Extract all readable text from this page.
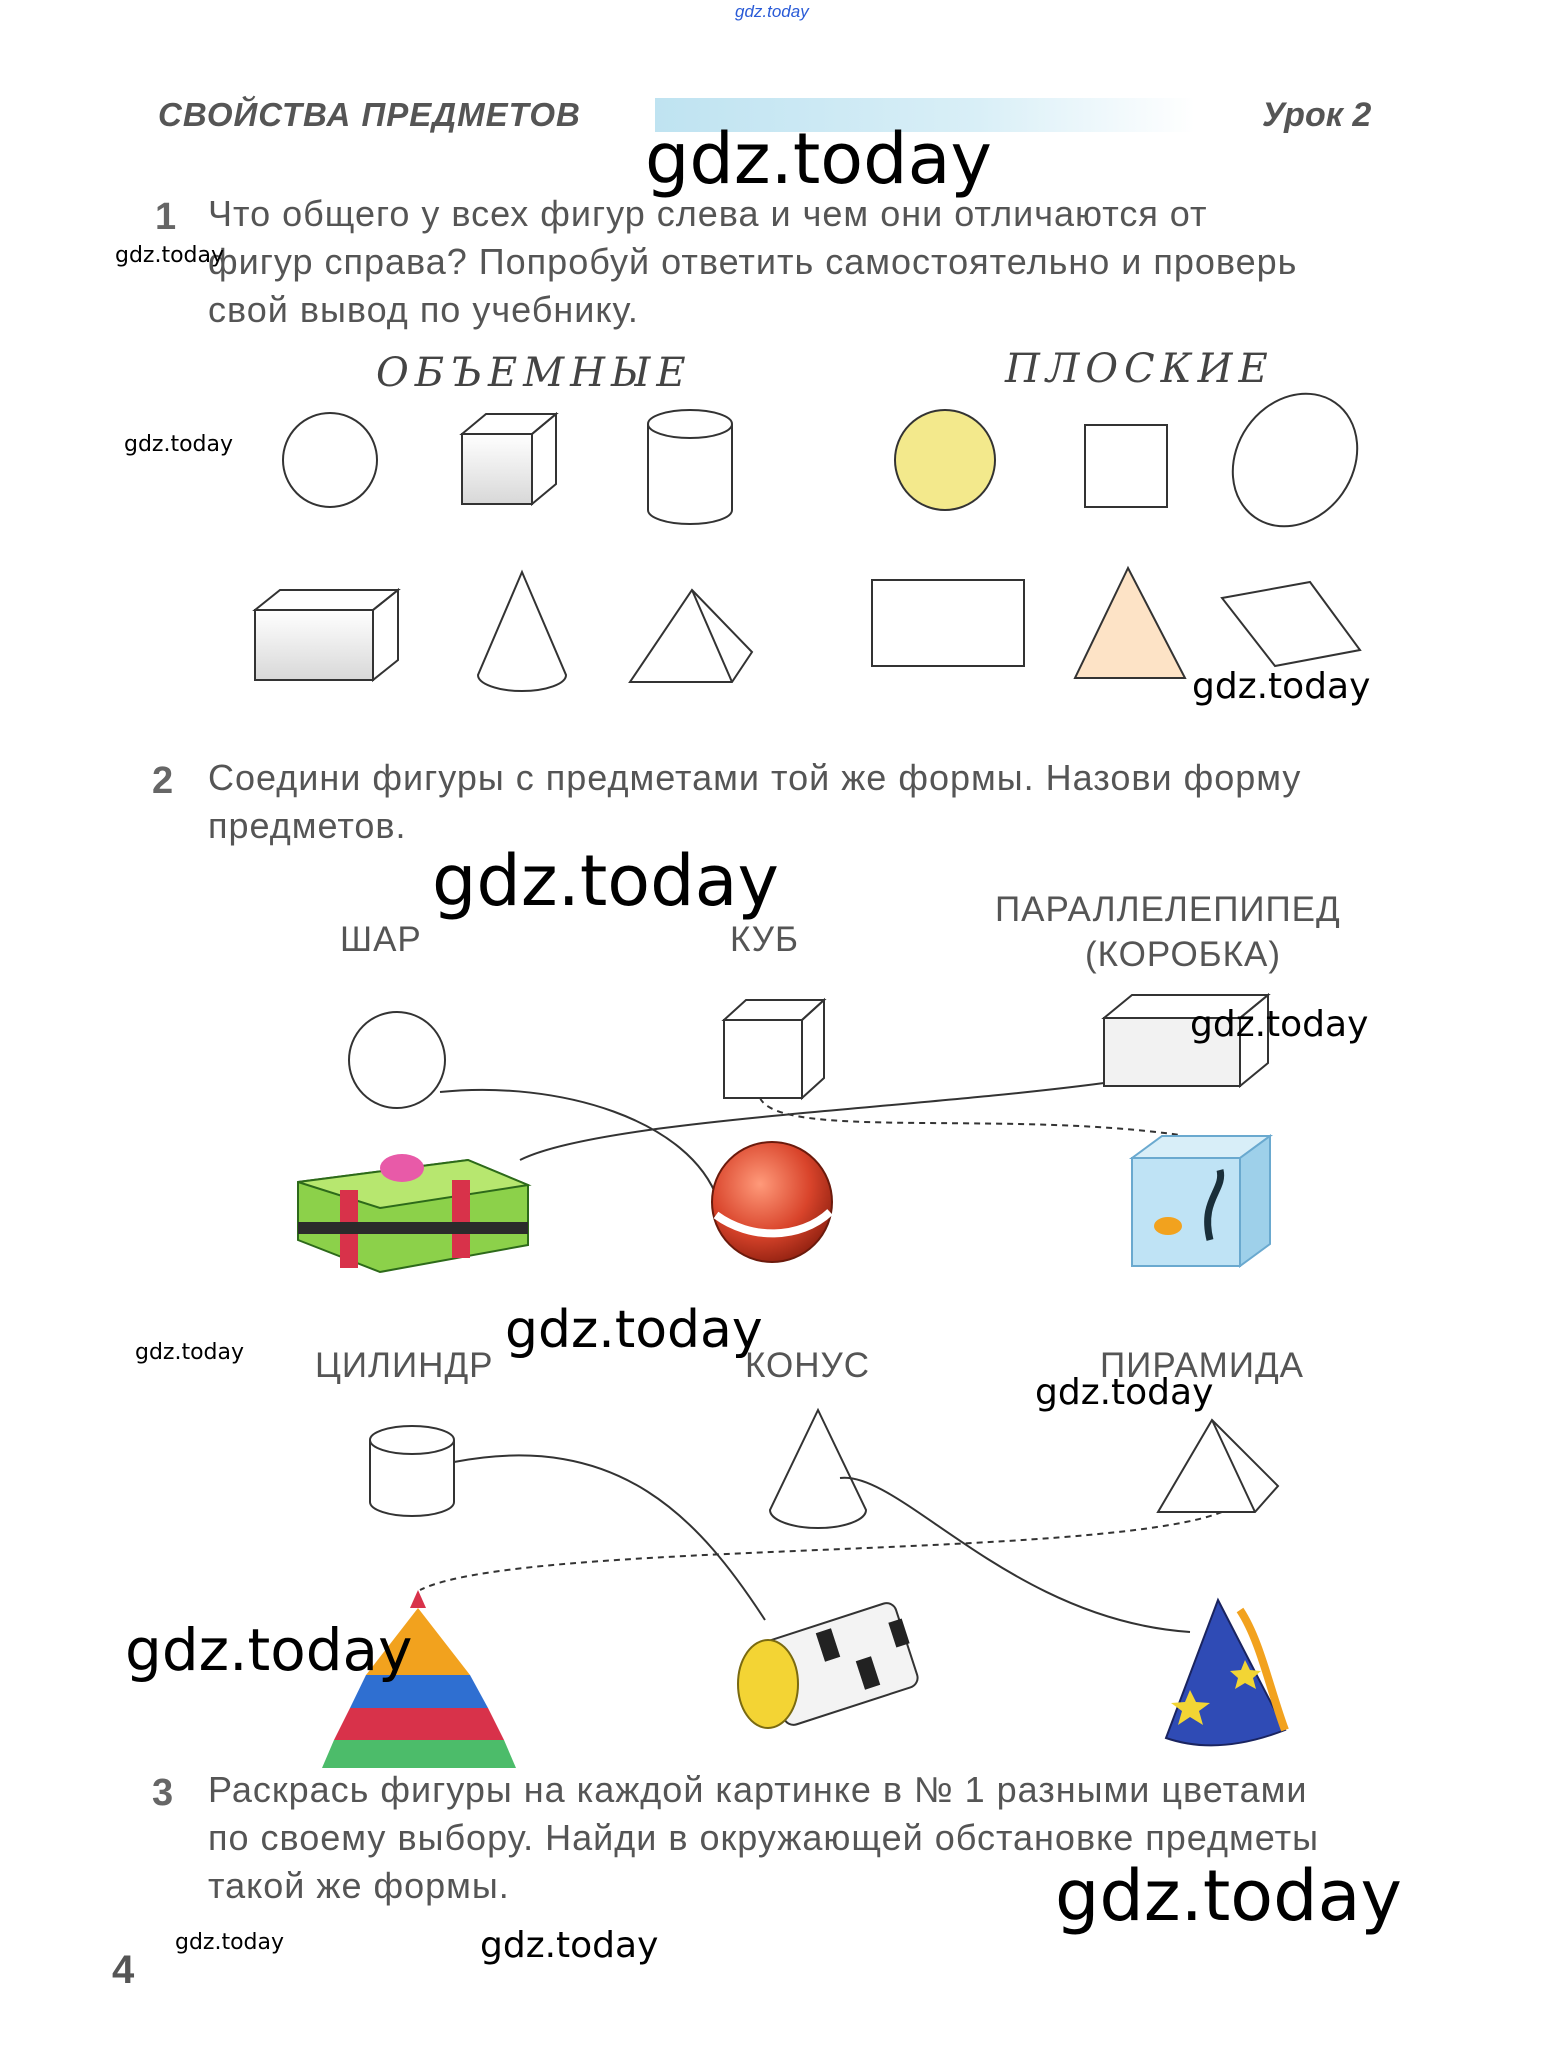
gdz.today
СВОЙСТВА ПРЕДМЕТОВ	Урок 2
1 Что общего у всех фигур слева и чем они отличаются от
фигур справа? Попробуй ответить самостоятельно и проверь
свой вывод по учебнику.
ОБЪЕМНЫЕ	ПЛОСКИЕ
2 Соедини фигуры с предметами той же формы. Назови форму
предметов.
ШАР	КУБ
ПАРАЛЛЕЛЕПИПЕД
(КОРОБКА)
ЦИЛИНДР	КОНУС	ПИРАМИДА
3 Раскрась фигуры на каждой картинке в № 1 разными цветами
по своему выбору. Найди в окружающей обстановке предметы
такой же формы.
4
gdz.today
gdz.today
gdz.today
gdz.today
gdz.today
gdz.today
gdz.today	gdz.today
gdz.today
gdz.today
gdz.today
gdz.today	gdz.today
